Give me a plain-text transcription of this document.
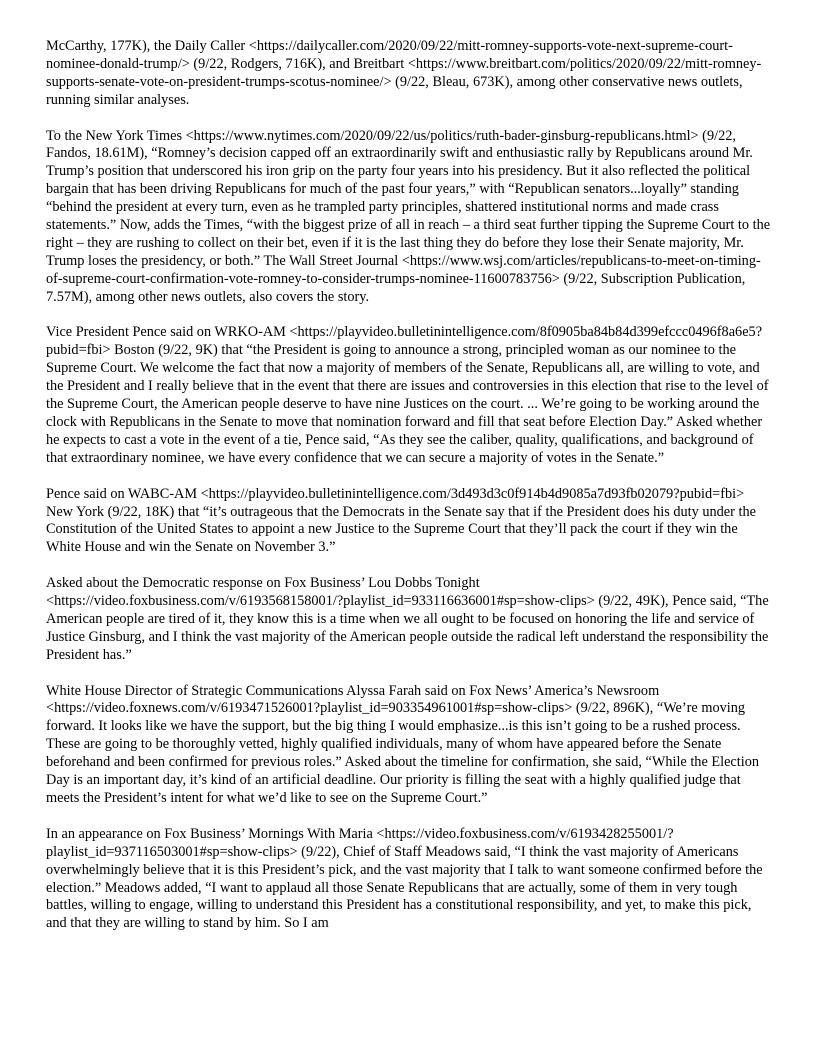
McCarthy, 177K), the Daily Caller <https://dailycaller.com/2020/09/22/mitt-romney-supports-vote-next-supreme-court-nominee-donald-trump/> (9/22, Rodgers, 716K), and Breitbart <https://www.breitbart.com/politics/2020/09/22/mitt-romney-supports-senate-vote-on-president-trumps-scotus-nominee/> (9/22, Bleau, 673K), among other conservative news outlets, running similar analyses.

To the New York Times <https://www.nytimes.com/2020/09/22/us/politics/ruth-bader-ginsburg-republicans.html> (9/22, Fandos, 18.61M), “Romney’s decision capped off an extraordinarily swift and enthusiastic rally by Republicans around Mr. Trump’s position that underscored his iron grip on the party four years into his presidency. But it also reflected the political bargain that has been driving Republicans for much of the past four years,” with “Republican senators...loyally” standing “behind the president at every turn, even as he trampled party principles, shattered institutional norms and made crass statements.” Now, adds the Times, “with the biggest prize of all in reach – a third seat further tipping the Supreme Court to the right – they are rushing to collect on their bet, even if it is the last thing they do before they lose their Senate majority, Mr. Trump loses the presidency, or both.” The Wall Street Journal <https://www.wsj.com/articles/republicans-to-meet-on-timing-of-supreme-court-confirmation-vote-romney-to-consider-trumps-nominee-11600783756> (9/22, Subscription Publication, 7.57M), among other news outlets, also covers the story.

Vice President Pence said on WRKO-AM <https://playvideo.bulletinintelligence.com/8f0905ba84b84d399efccc0496f8a6e5?pubid=fbi> Boston (9/22, 9K) that “the President is going to announce a strong, principled woman as our nominee to the Supreme Court. We welcome the fact that now a majority of members of the Senate, Republicans all, are willing to vote, and the President and I really believe that in the event that there are issues and controversies in this election that rise to the level of the Supreme Court, the American people deserve to have nine Justices on the court. ... We’re going to be working around the clock with Republicans in the Senate to move that nomination forward and fill that seat before Election Day.” Asked whether he expects to cast a vote in the event of a tie, Pence said, “As they see the caliber, quality, qualifications, and background of that extraordinary nominee, we have every confidence that we can secure a majority of votes in the Senate.”

Pence said on WABC-AM <https://playvideo.bulletinintelligence.com/3d493d3c0f914b4d9085a7d93fb02079?pubid=fbi> New York (9/22, 18K) that “it’s outrageous that the Democrats in the Senate say that if the President does his duty under the Constitution of the United States to appoint a new Justice to the Supreme Court that they’ll pack the court if they win the White House and win the Senate on November 3.”

Asked about the Democratic response on Fox Business’ Lou Dobbs Tonight <https://video.foxbusiness.com/v/6193568158001/?playlist_id=933116636001#sp=show-clips> (9/22, 49K), Pence said, “The American people are tired of it, they know this is a time when we all ought to be focused on honoring the life and service of Justice Ginsburg, and I think the vast majority of the American people outside the radical left understand the responsibility the President has.”

White House Director of Strategic Communications Alyssa Farah said on Fox News’ America’s Newsroom <https://video.foxnews.com/v/6193471526001?playlist_id=903354961001#sp=show-clips> (9/22, 896K), “We’re moving forward. It looks like we have the support, but the big thing I would emphasize...is this isn’t going to be a rushed process. These are going to be thoroughly vetted, highly qualified individuals, many of whom have appeared before the Senate beforehand and been confirmed for previous roles.” Asked about the timeline for confirmation, she said, “While the Election Day is an important day, it’s kind of an artificial deadline. Our priority is filling the seat with a highly qualified judge that meets the President’s intent for what we’d like to see on the Supreme Court.”

In an appearance on Fox Business’ Mornings With Maria <https://video.foxbusiness.com/v/6193428255001/?playlist_id=937116503001#sp=show-clips> (9/22), Chief of Staff Meadows said, “I think the vast majority of Americans overwhelmingly believe that it is this President’s pick, and the vast majority that I talk to want someone confirmed before the election.” Meadows added, “I want to applaud all those Senate Republicans that are actually, some of them in very tough battles, willing to engage, willing to understand this President has a constitutional responsibility, and yet, to make this pick, and that they are willing to stand by him. So I am
